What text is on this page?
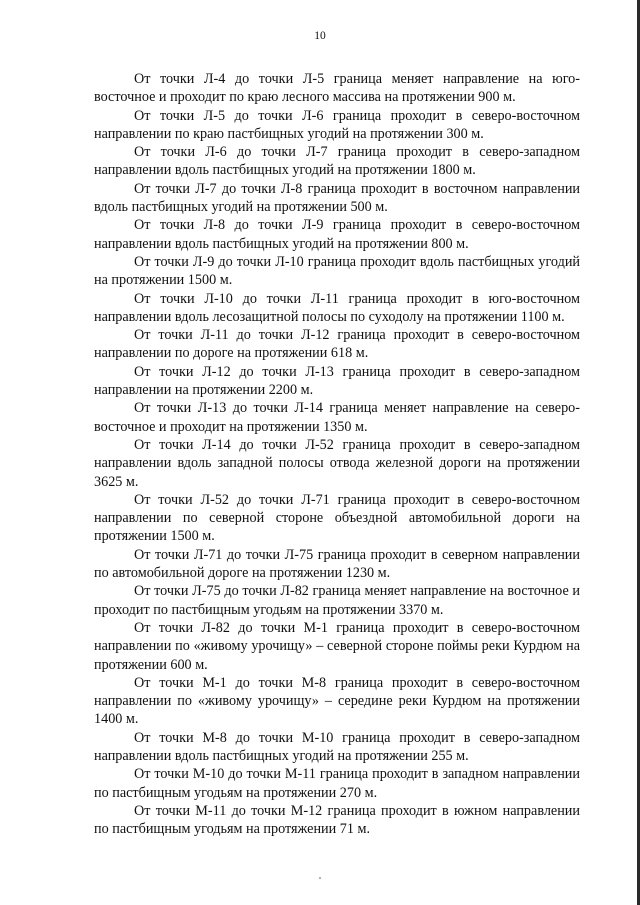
10

От точки Л-4 до точки Л-5 граница меняет направление на юго-восточное и проходит по краю лесного массива на протяжении 900 м.

От точки Л-5 до точки Л-6 граница проходит в северо-восточном направлении по краю пастбищных угодий на протяжении 300 м.

От точки Л-6 до точки Л-7 граница проходит в северо-западном направлении вдоль пастбищных угодий на протяжении 1800 м.

От точки Л-7 до точки Л-8 граница проходит в восточном направлении вдоль пастбищных угодий на протяжении 500 м.

От точки Л-8 до точки Л-9 граница проходит в северо-восточном направлении вдоль пастбищных угодий на протяжении 800 м.

От точки Л-9 до точки Л-10 граница проходит вдоль пастбищных угодий на протяжении 1500 м.

От точки Л-10 до точки Л-11 граница проходит в юго-восточном направлении вдоль лесозащитной полосы по суходолу на протяжении 1100 м.

От точки Л-11 до точки Л-12 граница проходит в северо-восточном направлении по дороге на протяжении 618 м.

От точки Л-12 до точки Л-13 граница проходит в северо-западном направлении на протяжении 2200 м.

От точки Л-13 до точки Л-14 граница меняет направление на северо-восточное и проходит на протяжении 1350 м.

От точки Л-14 до точки Л-52 граница проходит в северо-западном направлении вдоль западной полосы отвода железной дороги на протяжении 3625 м.

От точки Л-52 до точки Л-71 граница проходит в северо-восточном направлении по северной стороне объездной автомобильной дороги на протяжении 1500 м.

От точки Л-71 до точки Л-75 граница проходит в северном направлении по автомобильной дороге на протяжении 1230 м.

От точки Л-75 до точки Л-82 граница меняет направление на восточное и проходит по пастбищным угодьям на протяжении 3370 м.

От точки Л-82 до точки М-1 граница проходит в северо-восточном направлении по «живому урочищу» – северной стороне поймы реки Курдюм на протяжении 600 м.

От точки М-1 до точки М-8 граница проходит в северо-восточном направлении по «живому урочищу» – середине реки Курдюм на протяжении 1400 м.

От точки М-8 до точки М-10 граница проходит в северо-западном направлении вдоль пастбищных угодий на протяжении 255 м.

От точки М-10 до точки М-11 граница проходит в западном направлении по пастбищным угодьям на протяжении 270 м.

От точки М-11 до точки М-12 граница проходит в южном направлении по пастбищным угодьям на протяжении 71 м.
